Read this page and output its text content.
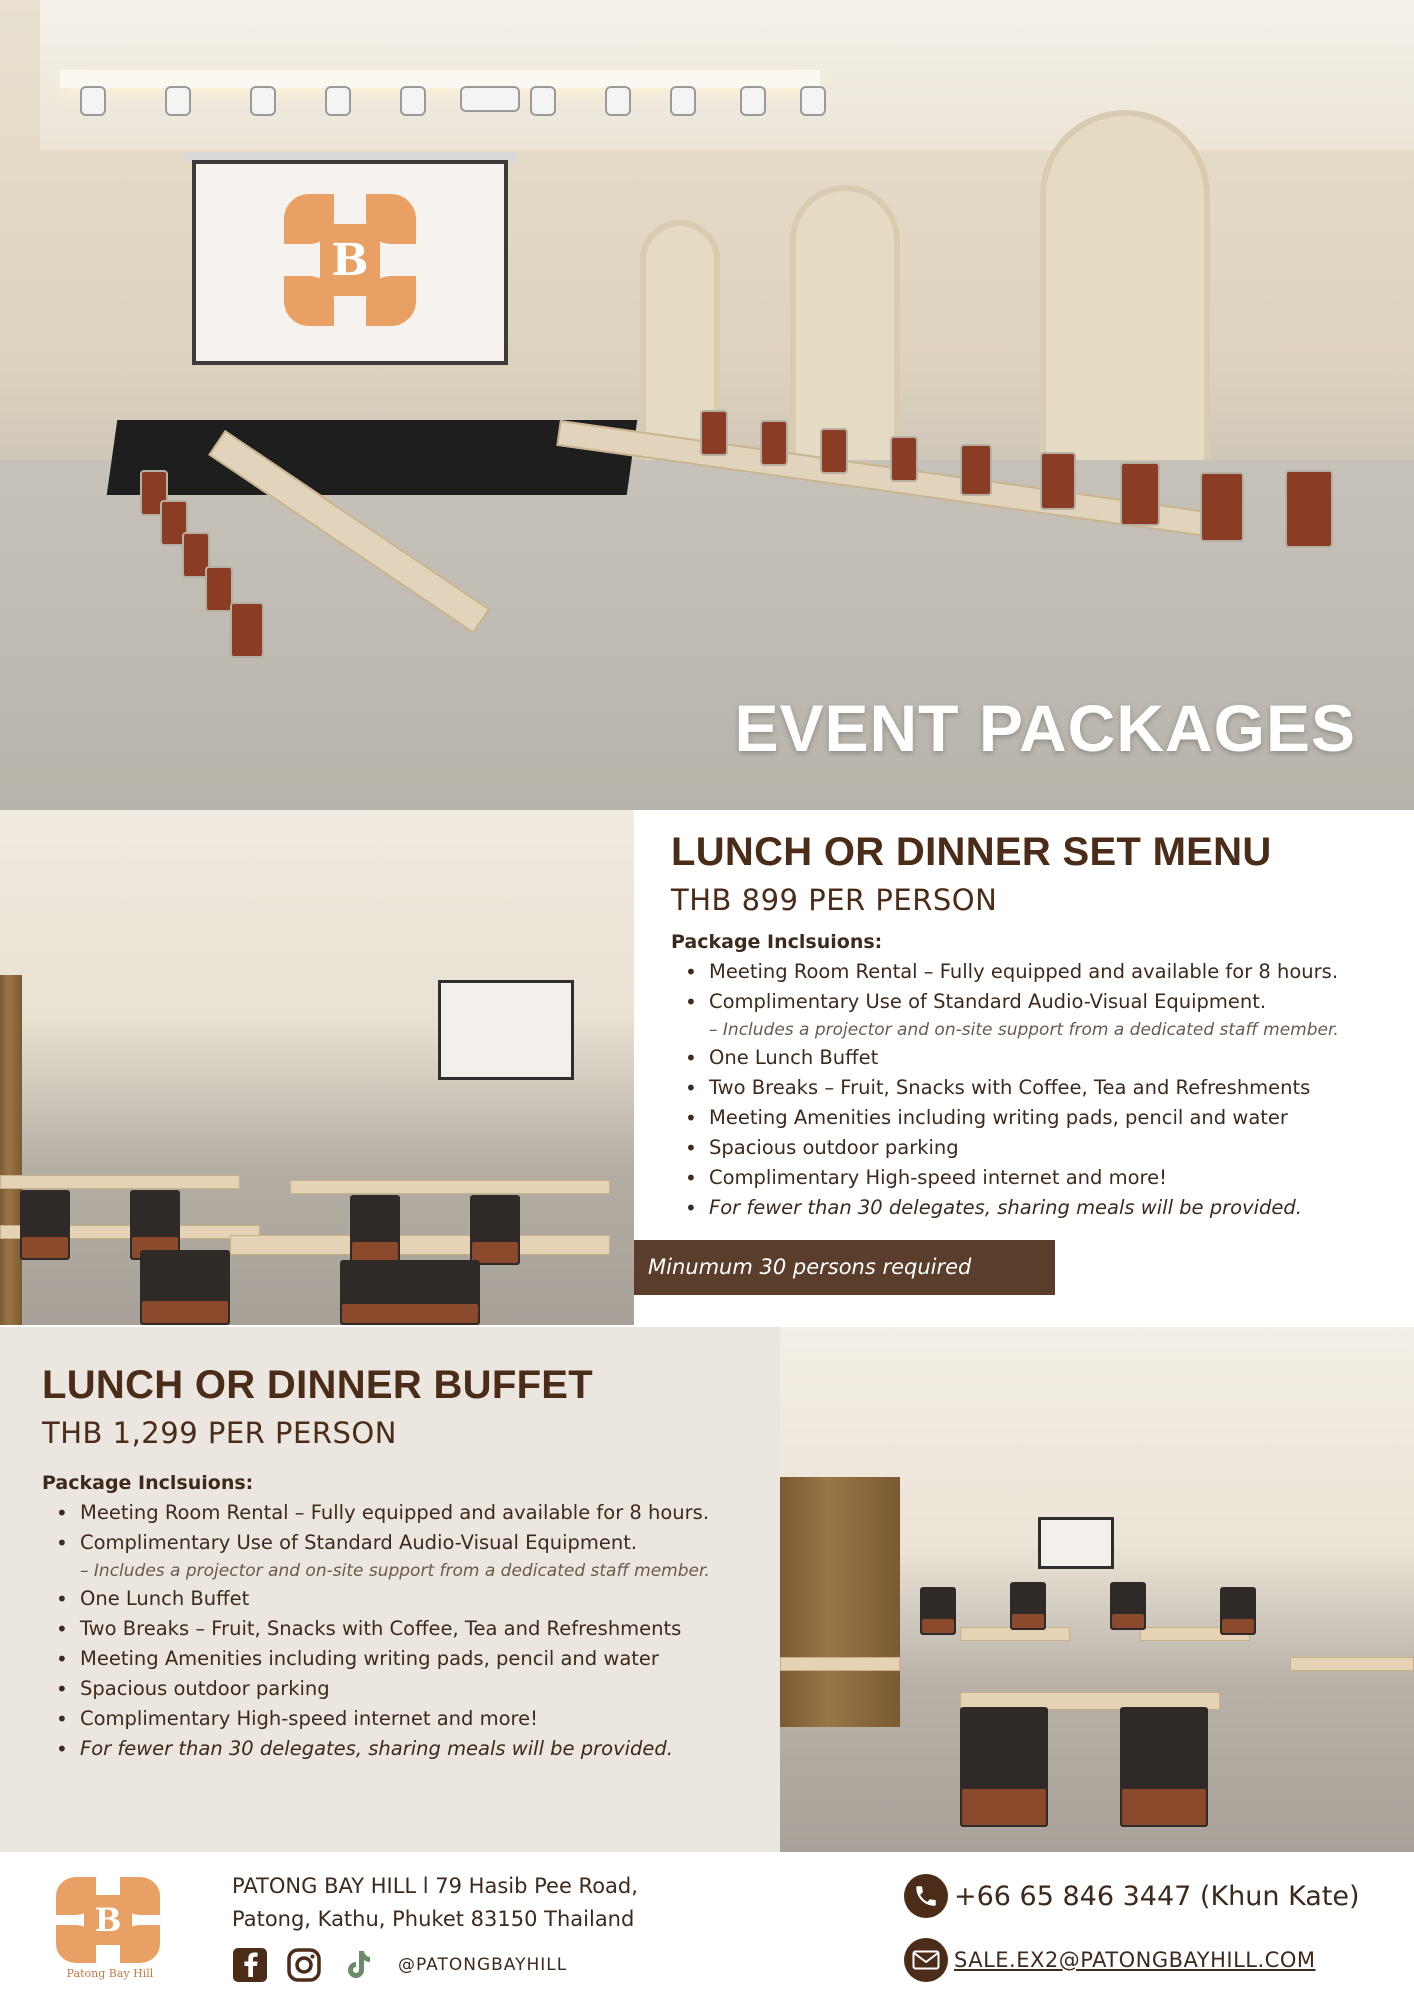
B
EVENT PACKAGES
LUNCH OR DINNER SET MENU
THB 899 PER PERSON
Package Inclsuions:
• Meeting Room Rental – Fully equipped and available for 8 hours.
• Complimentary Use of Standard Audio-Visual Equipment.
– Includes a projector and on-site support from a dedicated staff member.
• One Lunch Buffet
• Two Breaks – Fruit, Snacks with Coffee, Tea and Refreshments
• Meeting Amenities including writing pads, pencil and water
• Spacious outdoor parking
• Complimentary High-speed internet and more!
• For fewer than 30 delegates, sharing meals will be provided.
Minumum 30 persons required
LUNCH OR DINNER BUFFET
THB 1,299 PER PERSON
Package Inclsuions:
• Meeting Room Rental – Fully equipped and available for 8 hours.
• Complimentary Use of Standard Audio-Visual Equipment.
– Includes a projector and on-site support from a dedicated staff member.
• One Lunch Buffet
• Two Breaks – Fruit, Snacks with Coffee, Tea and Refreshments
• Meeting Amenities including writing pads, pencil and water
• Spacious outdoor parking
• Complimentary High-speed internet and more!
• For fewer than 30 delegates, sharing meals will be provided.
B
Patong Bay Hill
PATONG BAY HILL l 79 Hasib Pee Road,
Patong, Kathu, Phuket 83150 Thailand
@PATONGBAYHILL
+66 65 846 3447 (Khun Kate)
SALE.EX2@PATONGBAYHILL.COM
